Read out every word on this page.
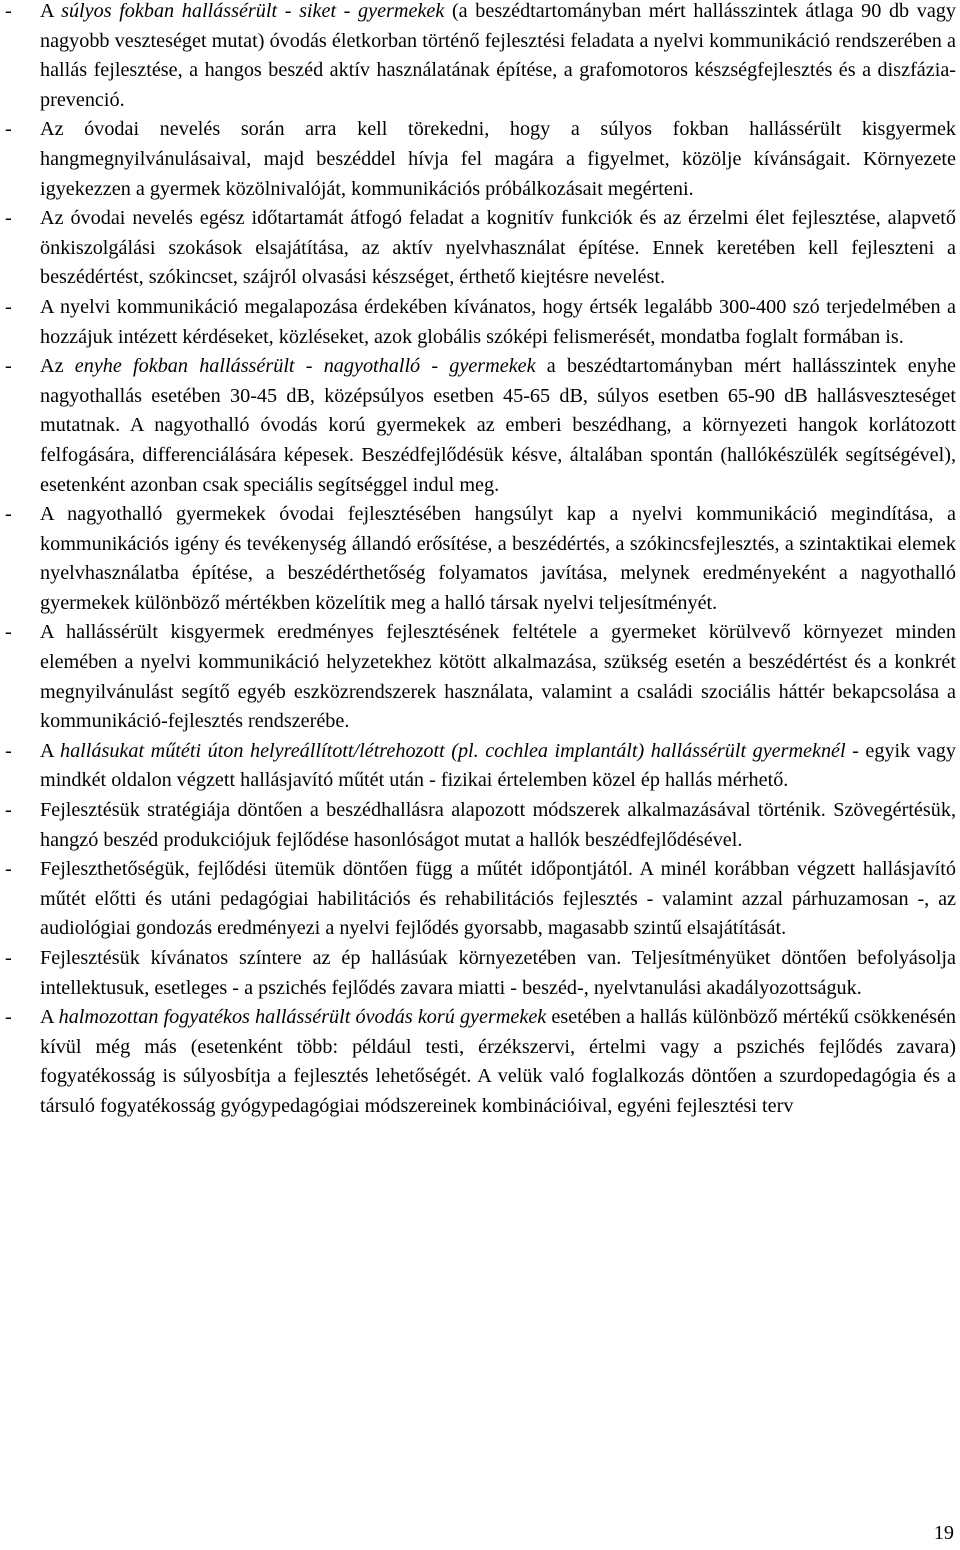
- A súlyos fokban hallássérült - siket - gyermekek (a beszédtartományban mért hallásszintek átlaga 90 db vagy nagyobb veszteséget mutat) óvodás életkorban történő fejlesztési feladata a nyelvi kommunikáció rendszerében a hallás fejlesztése, a hangos beszéd aktív használatának építése, a grafomotoros készségfejlesztés és a diszfázia-prevenció.
- Az óvodai nevelés során arra kell törekedni, hogy a súlyos fokban hallássérült kisgyermek hangmegnyilvánulásaival, majd beszéddel hívja fel magára a figyelmet, közölje kívánságait. Környezete igyekezzen a gyermek közölnivalóját, kommunikációs próbálkozásait megérteni.
- Az óvodai nevelés egész időtartamát átfogó feladat a kognitív funkciók és az érzelmi élet fejlesztése, alapvető önkiszolgálási szokások elsajátítása, az aktív nyelvhasználat építése. Ennek keretében kell fejleszteni a beszédértést, szókincset, szájról olvasási készséget, érthető kiejtésre nevelést.
- A nyelvi kommunikáció megalapozása érdekében kívánatos, hogy értsék legalább 300-400 szó terjedelmében a hozzájuk intézett kérdéseket, közléseket, azok globális szóképi felismerését, mondatba foglalt formában is.
- Az enyhe fokban hallássérült - nagyothalló - gyermekek a beszédtartományban mért hallásszintek enyhe nagyothallás esetében 30-45 dB, középsúlyos esetben 45-65 dB, súlyos esetben 65-90 dB hallásveszteséget mutatnak. A nagyothalló óvodás korú gyermekek az emberi beszédhang, a környezeti hangok korlátozott felfogására, differenciálására képesek. Beszédfejlődésük késve, általában spontán (hallókészülék segítségével), esetenként azonban csak speciális segítséggel indul meg.
- A nagyothalló gyermekek óvodai fejlesztésében hangsúlyt kap a nyelvi kommunikáció megindítása, a kommunikációs igény és tevékenység állandó erősítése, a beszédértés, a szókincsfejlesztés, a szintaktikai elemek nyelvhasználatba építése, a beszédérthetőség folyamatos javítása, melynek eredményeként a nagyothalló gyermekek különböző mértékben közelítik meg a halló társak nyelvi teljesítményét.
- A hallássérült kisgyermek eredményes fejlesztésének feltétele a gyermeket körülvevő környezet minden elemében a nyelvi kommunikáció helyzetekhez kötött alkalmazása, szükség esetén a beszédértést és a konkrét megnyilvánulást segítő egyéb eszközrendszerek használata, valamint a családi szociális háttér bekapcsolása a kommunikáció-fejlesztés rendszerébe.
- A hallásukat műtéti úton helyreállított/létrehozott (pl. cochlea implantált) hallássérült gyermeknél - egyik vagy mindkét oldalon végzett hallásjavító műtét után - fizikai értelemben közel ép hallás mérhető.
- Fejlesztésük stratégiája döntően a beszédhallásra alapozott módszerek alkalmazásával történik. Szövegértésük, hangzó beszéd produkciójuk fejlődése hasonlóságot mutat a hallók beszédfejlődésével.
- Fejleszthetőségük, fejlődési ütemük döntően függ a műtét időpontjától. A minél korábban végzett hallásjavító műtét előtti és utáni pedagógiai habilitációs és rehabilitációs fejlesztés - valamint azzal párhuzamosan -, az audiológiai gondozás eredményezi a nyelvi fejlődés gyorsabb, magasabb szintű elsajátítását.
- Fejlesztésük kívánatos színtere az ép hallásúak környezetében van. Teljesítményüket döntően befolyásolja intellektusuk, esetleges - a pszichés fejlődés zavara miatti - beszéd-, nyelvtanulási akadályozottságuk.
- A halmozottan fogyatékos hallássérült óvodás korú gyermekek esetében a hallás különböző mértékű csökkenésén kívül még más (esetenként több: például testi, érzékszervi, értelmi vagy a pszichés fejlődés zavara) fogyatékosság is súlyosbítja a fejlesztés lehetőségét. A velük való foglalkozás döntően a szurdopedagógia és a társuló fogyatékosság gyógypedagógiai módszereinek kombinációival, egyéni fejlesztési terv
19
